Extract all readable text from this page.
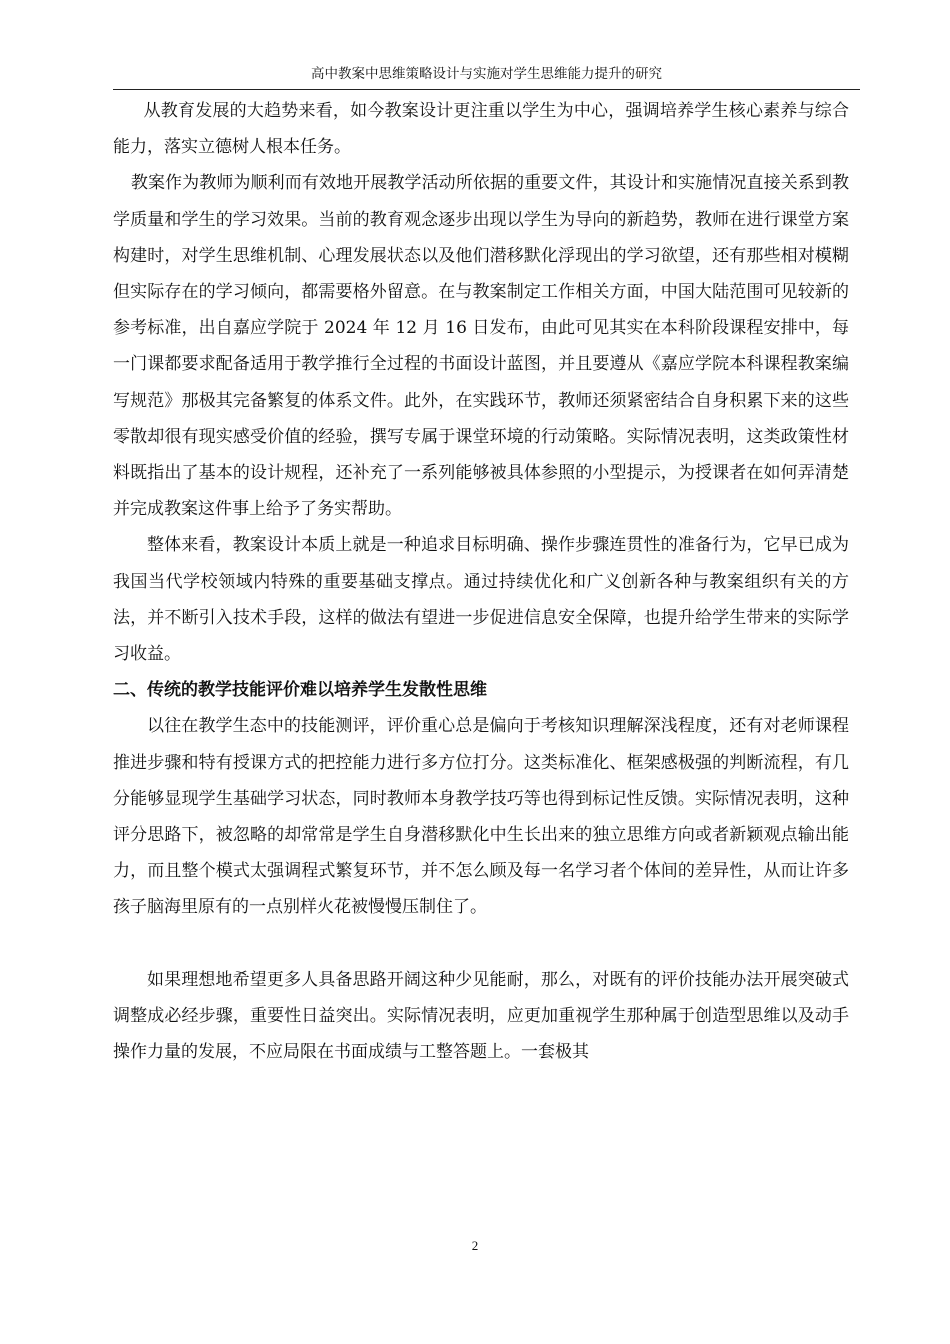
高中教案中思维策略设计与实施对学生思维能力提升的研究

从教育发展的大趋势来看，如今教案设计更注重以学生为中心，强调培养学生核心素养与综合能力，落实立德树人根本任务。

教案作为教师为顺利而有效地开展教学活动所依据的重要文件，其设计和实施情况直接关系到教学质量和学生的学习效果。当前的教育观念逐步出现以学生为导向的新趋势，教师在进行课堂方案构建时，对学生思维机制、心理发展状态以及他们潜移默化浮现出的学习欲望，还有那些相对模糊但实际存在的学习倾向，都需要格外留意。在与教案制定工作相关方面，中国大陆范围可见较新的参考标准，出自嘉应学院于 2024 年 12 月 16 日发布，由此可见其实在本科阶段课程安排中，每一门课都要求配备适用于教学推行全过程的书面设计蓝图，并且要遵从《嘉应学院本科课程教案编写规范》那极其完备繁复的体系文件。此外，在实践环节，教师还须紧密结合自身积累下来的这些零散却很有现实感受价值的经验，撰写专属于课堂环境的行动策略。实际情况表明，这类政策性材料既指出了基本的设计规程，还补充了一系列能够被具体参照的小型提示，为授课者在如何弄清楚并完成教案这件事上给予了务实帮助。

整体来看，教案设计本质上就是一种追求目标明确、操作步骤连贯性的准备行为，它早已成为我国当代学校领域内特殊的重要基础支撑点。通过持续优化和广义创新各种与教案组织有关的方法，并不断引入技术手段，这样的做法有望进一步促进信息安全保障，也提升给学生带来的实际学习收益。

二、传统的教学技能评价难以培养学生发散性思维

以往在教学生态中的技能测评，评价重心总是偏向于考核知识理解深浅程度，还有对老师课程推进步骤和特有授课方式的把控能力进行多方位打分。这类标准化、框架感极强的判断流程，有几分能够显现学生基础学习状态，同时教师本身教学技巧等也得到标记性反馈。实际情况表明，这种评分思路下，被忽略的却常常是学生自身潜移默化中生长出来的独立思维方向或者新颖观点输出能力，而且整个模式太强调程式繁复环节，并不怎么顾及每一名学习者个体间的差异性，从而让许多孩子脑海里原有的一点别样火花被慢慢压制住了。

如果理想地希望更多人具备思路开阔这种少见能耐，那么，对既有的评价技能办法开展突破式调整成必经步骤，重要性日益突出。实际情况表明，应更加重视学生那种属于创造型思维以及动手操作力量的发展，不应局限在书面成绩与工整答题上。一套极其

2
